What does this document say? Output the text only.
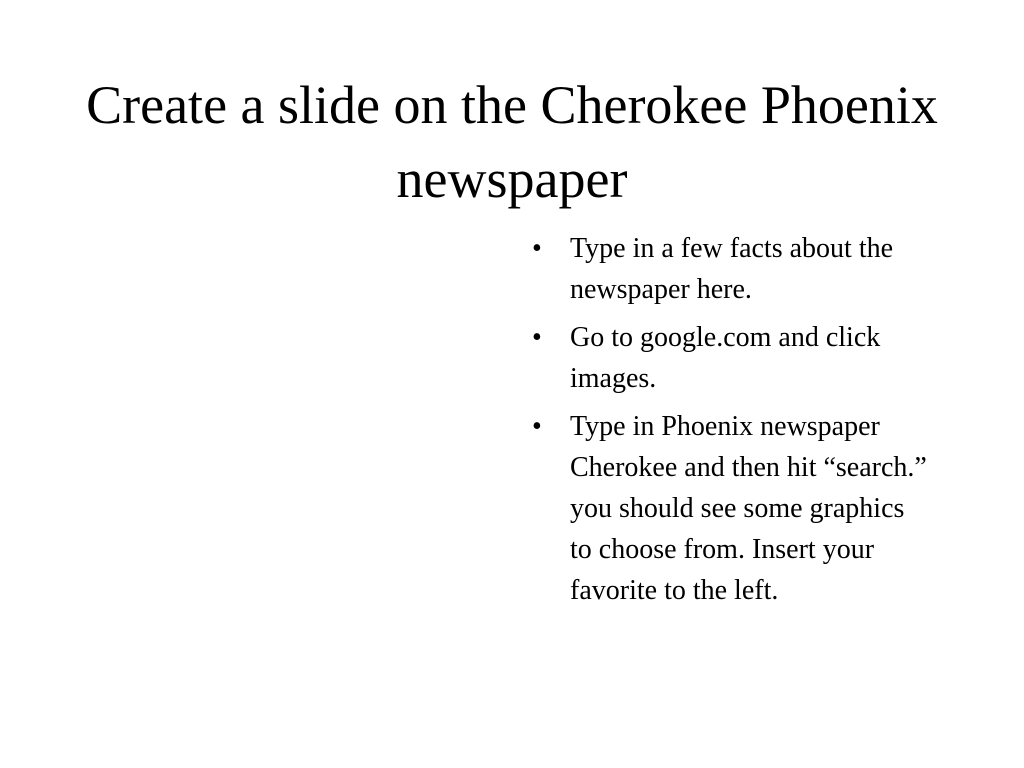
Create a slide on the Cherokee Phoenix newspaper
• Type in a few facts about the newspaper here.
• Go to google.com and click images.
• Type in Phoenix newspaper Cherokee and then hit “search.” you should see some graphics to choose from. Insert your favorite to the left.
